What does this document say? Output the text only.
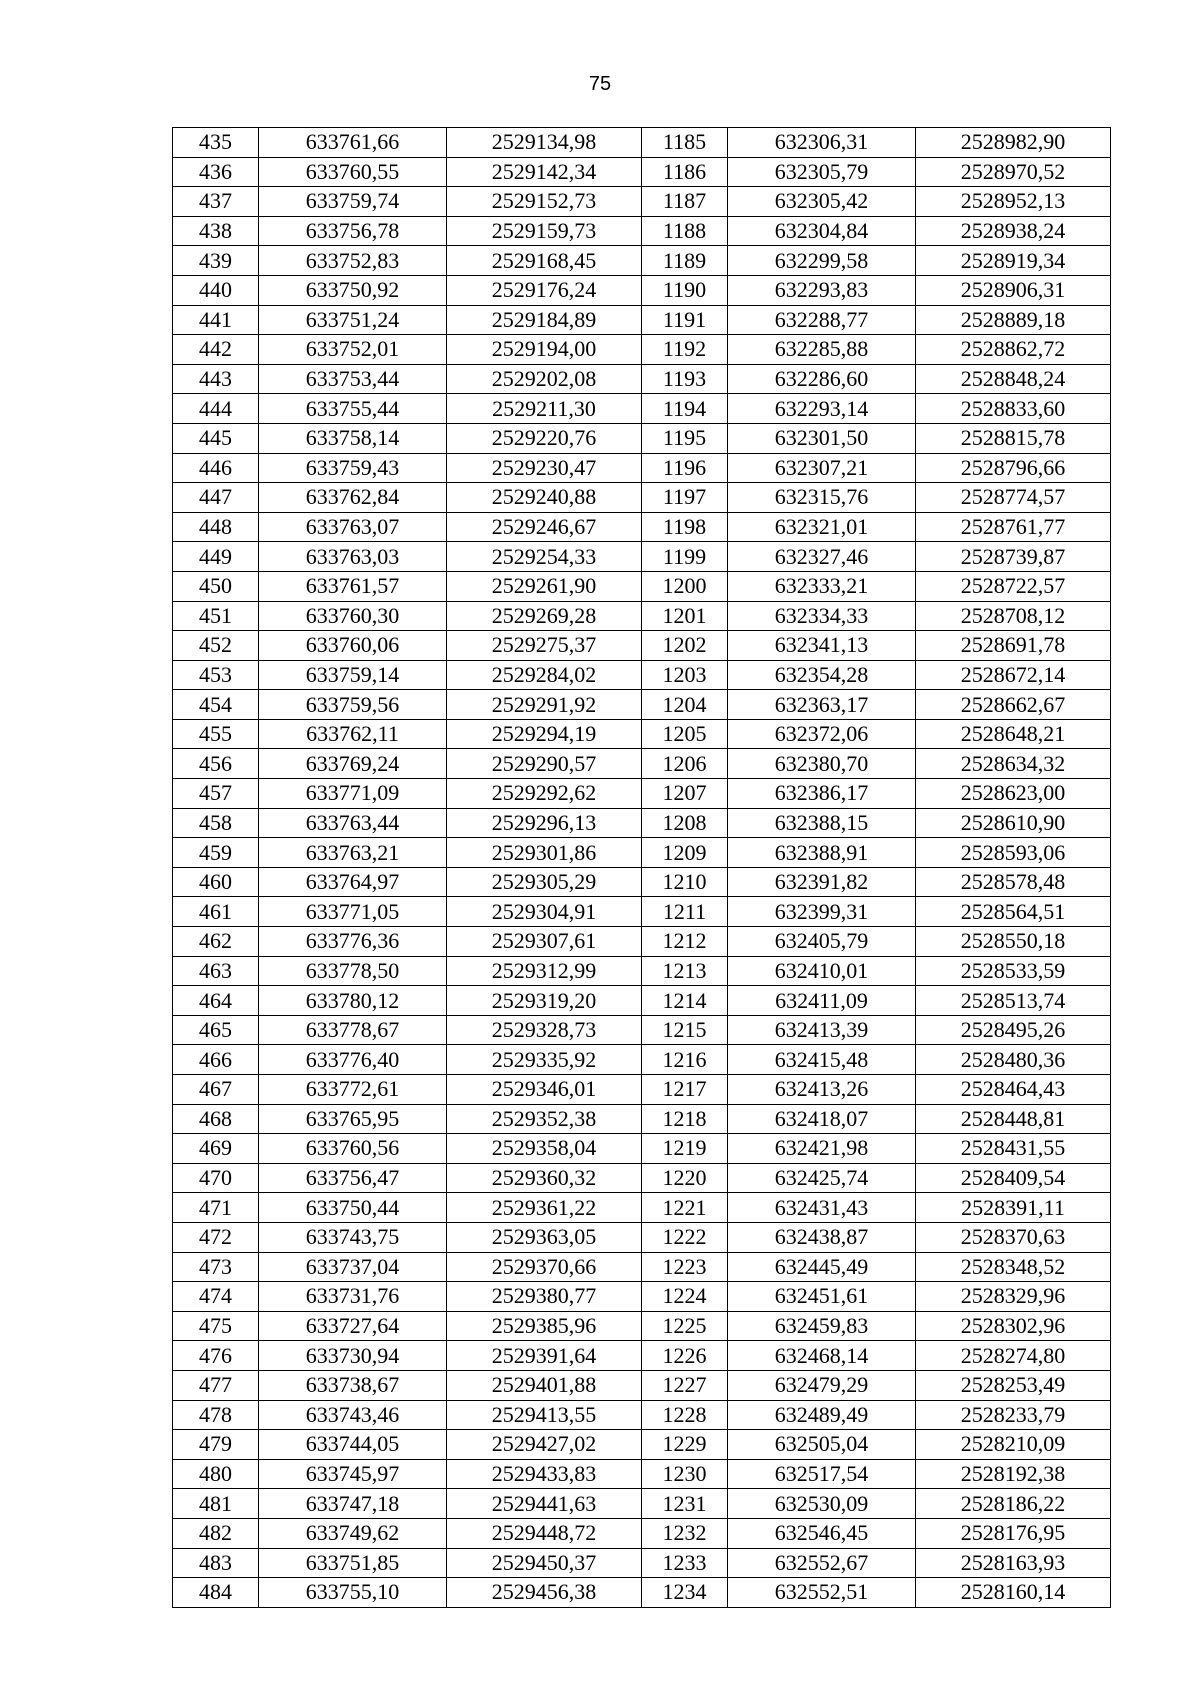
75
435	633761,66	2529134,98	1185	632306,31	2528982,90
436	633760,55	2529142,34	1186	632305,79	2528970,52
437	633759,74	2529152,73	1187	632305,42	2528952,13
438	633756,78	2529159,73	1188	632304,84	2528938,24
439	633752,83	2529168,45	1189	632299,58	2528919,34
440	633750,92	2529176,24	1190	632293,83	2528906,31
441	633751,24	2529184,89	1191	632288,77	2528889,18
442	633752,01	2529194,00	1192	632285,88	2528862,72
443	633753,44	2529202,08	1193	632286,60	2528848,24
444	633755,44	2529211,30	1194	632293,14	2528833,60
445	633758,14	2529220,76	1195	632301,50	2528815,78
446	633759,43	2529230,47	1196	632307,21	2528796,66
447	633762,84	2529240,88	1197	632315,76	2528774,57
448	633763,07	2529246,67	1198	632321,01	2528761,77
449	633763,03	2529254,33	1199	632327,46	2528739,87
450	633761,57	2529261,90	1200	632333,21	2528722,57
451	633760,30	2529269,28	1201	632334,33	2528708,12
452	633760,06	2529275,37	1202	632341,13	2528691,78
453	633759,14	2529284,02	1203	632354,28	2528672,14
454	633759,56	2529291,92	1204	632363,17	2528662,67
455	633762,11	2529294,19	1205	632372,06	2528648,21
456	633769,24	2529290,57	1206	632380,70	2528634,32
457	633771,09	2529292,62	1207	632386,17	2528623,00
458	633763,44	2529296,13	1208	632388,15	2528610,90
459	633763,21	2529301,86	1209	632388,91	2528593,06
460	633764,97	2529305,29	1210	632391,82	2528578,48
461	633771,05	2529304,91	1211	632399,31	2528564,51
462	633776,36	2529307,61	1212	632405,79	2528550,18
463	633778,50	2529312,99	1213	632410,01	2528533,59
464	633780,12	2529319,20	1214	632411,09	2528513,74
465	633778,67	2529328,73	1215	632413,39	2528495,26
466	633776,40	2529335,92	1216	632415,48	2528480,36
467	633772,61	2529346,01	1217	632413,26	2528464,43
468	633765,95	2529352,38	1218	632418,07	2528448,81
469	633760,56	2529358,04	1219	632421,98	2528431,55
470	633756,47	2529360,32	1220	632425,74	2528409,54
471	633750,44	2529361,22	1221	632431,43	2528391,11
472	633743,75	2529363,05	1222	632438,87	2528370,63
473	633737,04	2529370,66	1223	632445,49	2528348,52
474	633731,76	2529380,77	1224	632451,61	2528329,96
475	633727,64	2529385,96	1225	632459,83	2528302,96
476	633730,94	2529391,64	1226	632468,14	2528274,80
477	633738,67	2529401,88	1227	632479,29	2528253,49
478	633743,46	2529413,55	1228	632489,49	2528233,79
479	633744,05	2529427,02	1229	632505,04	2528210,09
480	633745,97	2529433,83	1230	632517,54	2528192,38
481	633747,18	2529441,63	1231	632530,09	2528186,22
482	633749,62	2529448,72	1232	632546,45	2528176,95
483	633751,85	2529450,37	1233	632552,67	2528163,93
484	633755,10	2529456,38	1234	632552,51	2528160,14
